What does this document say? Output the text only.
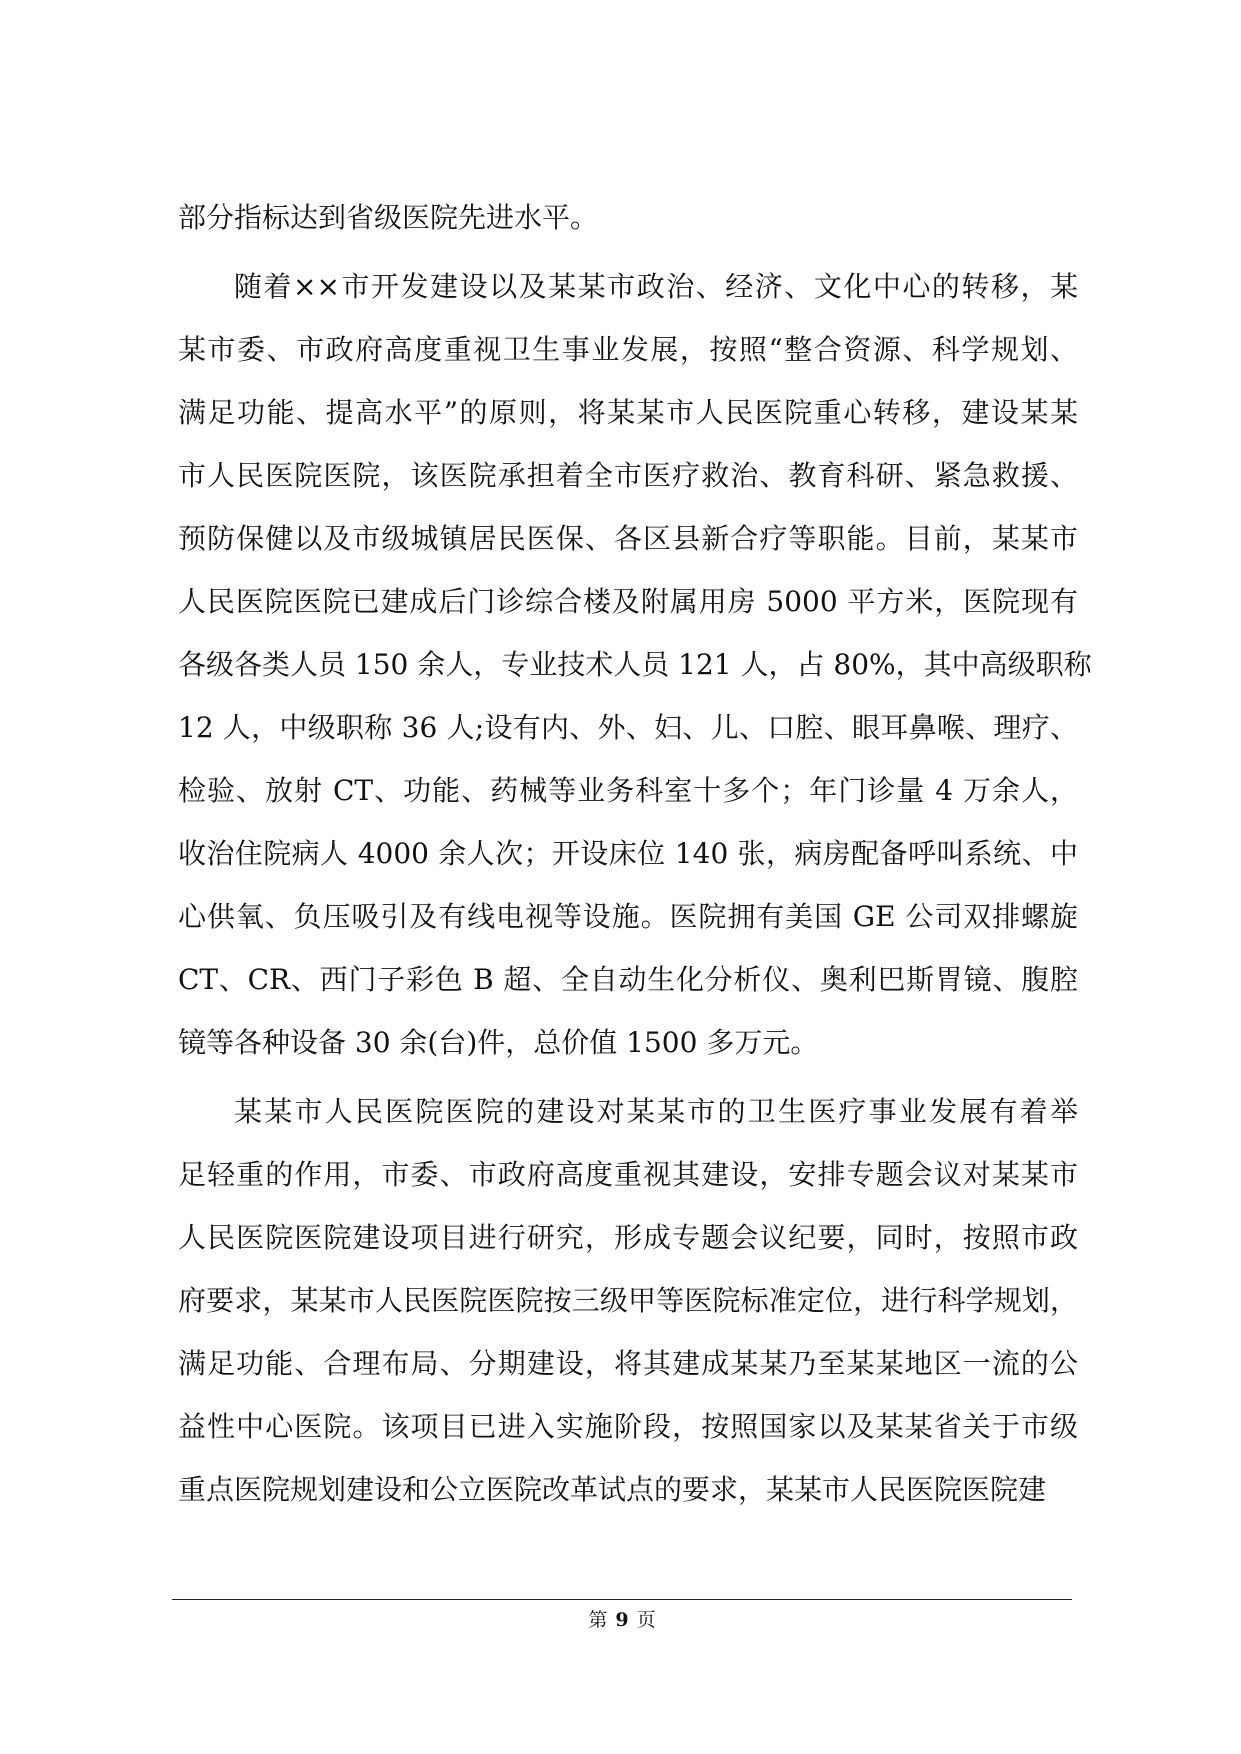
部分指标达到省级医院先进水平。
随着××市开发建设以及某某市政治、经济、文化中心的转移，某
某市委、市政府高度重视卫生事业发展，按照“整合资源、科学规划、
满足功能、提高水平”的原则，将某某市人民医院重心转移，建设某某
市人民医院医院，该医院承担着全市医疗救治、教育科研、紧急救援、
预防保健以及市级城镇居民医保、各区县新合疗等职能。目前，某某市
人民医院医院已建成后门诊综合楼及附属用房 5000 平方米，医院现有
各级各类人员 150 余人，专业技术人员 121 人，占 80%，其中高级职称
12 人，中级职称 36 人;设有内、外、妇、儿、口腔、眼耳鼻喉、理疗、
检验、放射 CT、功能、药械等业务科室十多个；年门诊量 4 万余人，
收治住院病人 4000 余人次；开设床位 140 张，病房配备呼叫系统、中
心供氧、负压吸引及有线电视等设施。医院拥有美国 GE 公司双排螺旋
CT、CR、西门子彩色 B 超、全自动生化分析仪、奥利巴斯胃镜、腹腔
镜等各种设备 30 余(台)件，总价值 1500 多万元。
某某市人民医院医院的建设对某某市的卫生医疗事业发展有着举
足轻重的作用，市委、市政府高度重视其建设，安排专题会议对某某市
人民医院医院建设项目进行研究，形成专题会议纪要，同时，按照市政
府要求，某某市人民医院医院按三级甲等医院标准定位，进行科学规划，
满足功能、合理布局、分期建设，将其建成某某乃至某某地区一流的公
益性中心医院。该项目已进入实施阶段，按照国家以及某某省关于市级
重点医院规划建设和公立医院改革试点的要求，某某市人民医院医院建
第 9 页
